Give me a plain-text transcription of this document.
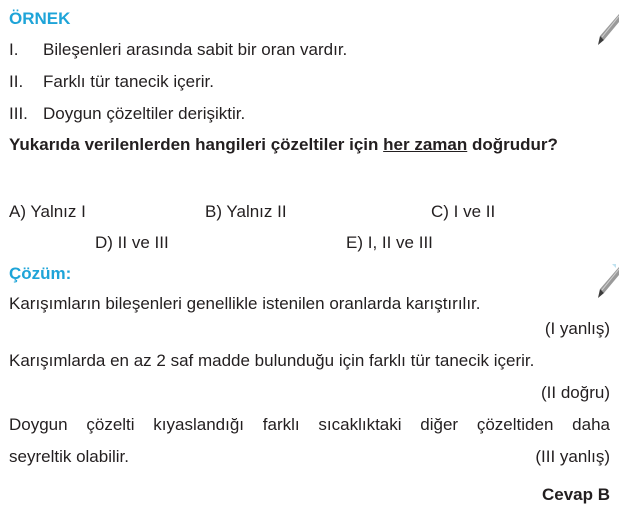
ÖRNEK
I. Bileşenleri arasında sabit bir oran vardır.
II. Farklı tür tanecik içerir.
III. Doygun çözeltiler derişiktir.
Yukarıda verilenlerden hangileri çözeltiler için her zaman doğrudur?
A) Yalnız I	B) Yalnız II	C) I ve II
D) II ve III	E) I, II ve III
Çözüm:
Karışımların bileşenleri genellikle istenilen oranlarda karıştırılır.
(I yanlış)
Karışımlarda en az 2 saf madde bulunduğu için farklı tür tanecik içerir.
(II doğru)
Doygun çözelti kıyaslandığı farklı sıcaklıktaki diğer çözeltiden daha
seyreltik olabilir.	(III yanlış)
Cevap B
